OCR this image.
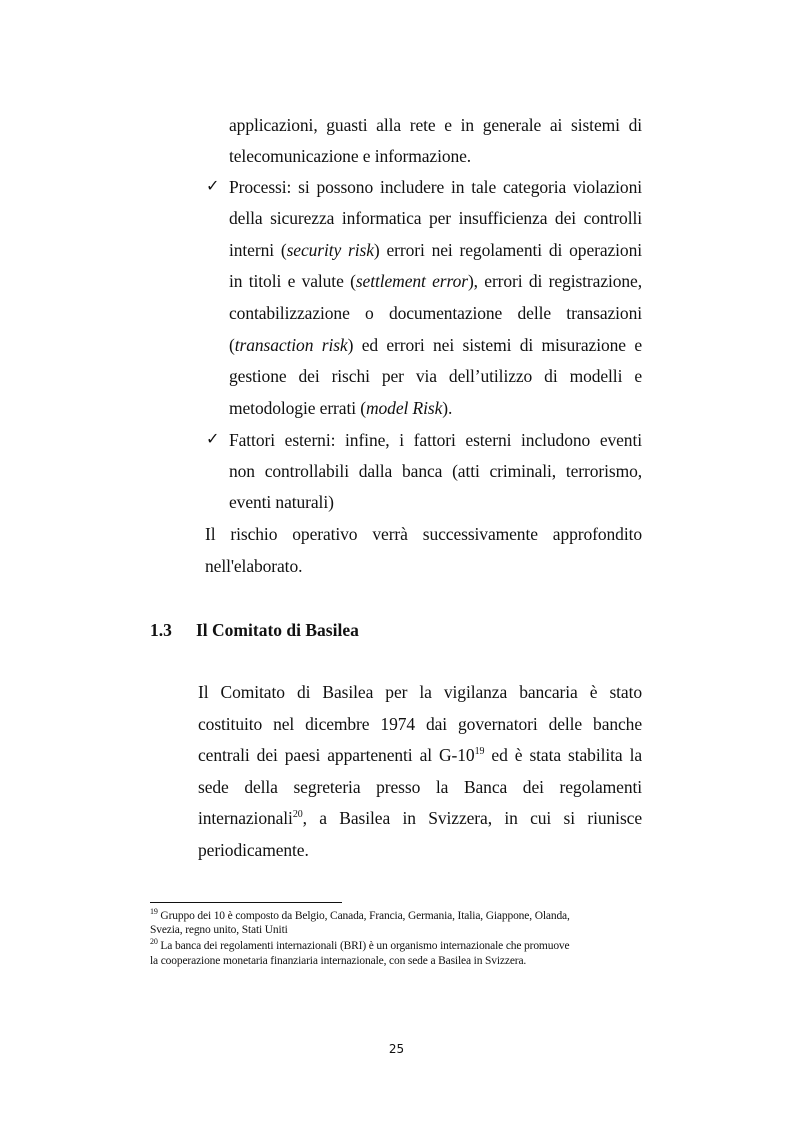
applicazioni, guasti alla rete e in generale ai sistemi di
telecomunicazione e informazione.
✓ Processi: si possono includere in tale categoria violazioni
della sicurezza informatica per insufficienza dei controlli
interni (security risk) errori nei regolamenti di operazioni
in titoli e valute (settlement error), errori di registrazione,
contabilizzazione o documentazione delle transazioni
(transaction risk) ed errori nei sistemi di misurazione e
gestione dei rischi per via dell’utilizzo di modelli e
metodologie errati (model Risk).
✓ Fattori esterni: infine, i fattori esterni includono eventi
non controllabili dalla banca (atti criminali, terrorismo,
eventi naturali)
Il rischio operativo verrà successivamente approfondito
nell'elaborato.
1.3 Il Comitato di Basilea
Il Comitato di Basilea per la vigilanza bancaria è stato
costituito nel dicembre 1974 dai governatori delle banche
centrali dei paesi appartenenti al $G-10^{19}$ ed è stata stabilita la
sede della segreteria presso la Banca dei regolamenti
internazionali$^{20}$, a Basilea in Svizzera, in cui si riunisce
periodicamente.
$^{19}$ Gruppo dei 10 è composto da Belgio, Canada, Francia, Germania, Italia, Giappone, Olanda,
Svezia, regno unito, Stati Uniti
$^{20}$ La banca dei regolamenti internazionali (BRI) è un organismo internazionale che promuove
la cooperazione monetaria finanziaria internazionale, con sede a Basilea in Svizzera.
25
